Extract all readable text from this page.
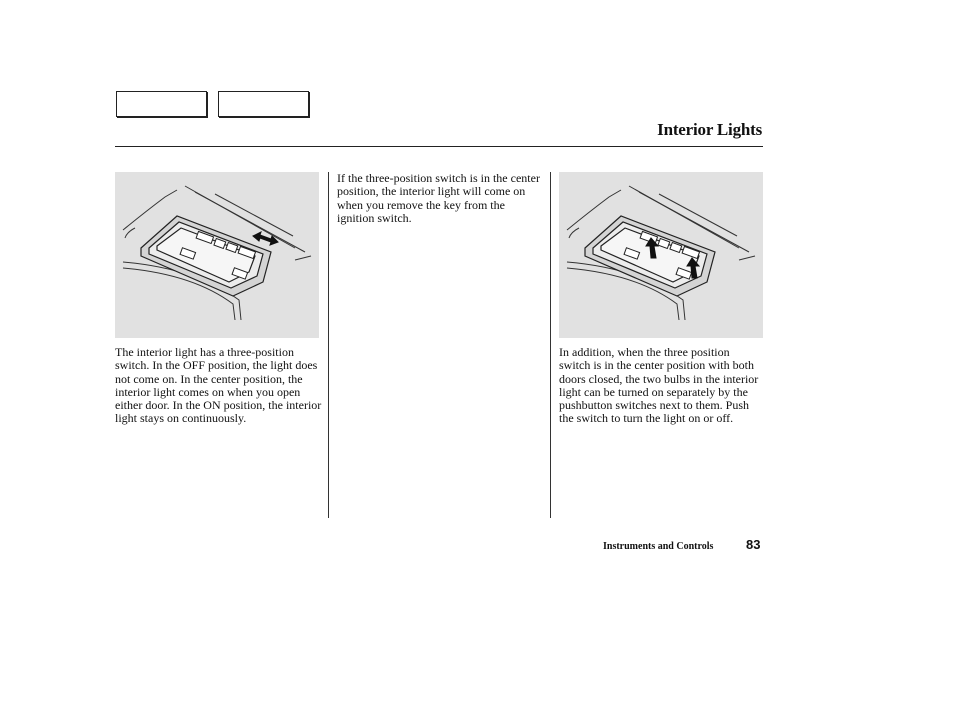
Interior Lights

The interior light has a three-position switch. In the OFF position, the light does not come on. In the center position, the interior light comes on when you open either door. In the ON position, the interior light stays on continuously.

If the three-position switch is in the center position, the interior light will come on when you remove the key from the ignition switch.

In addition, when the three position switch is in the center position with both doors closed, the two bulbs in the interior light can be turned on separately by the pushbutton switches next to them. Push the switch to turn the light on or off.

Instruments and Controls	83
